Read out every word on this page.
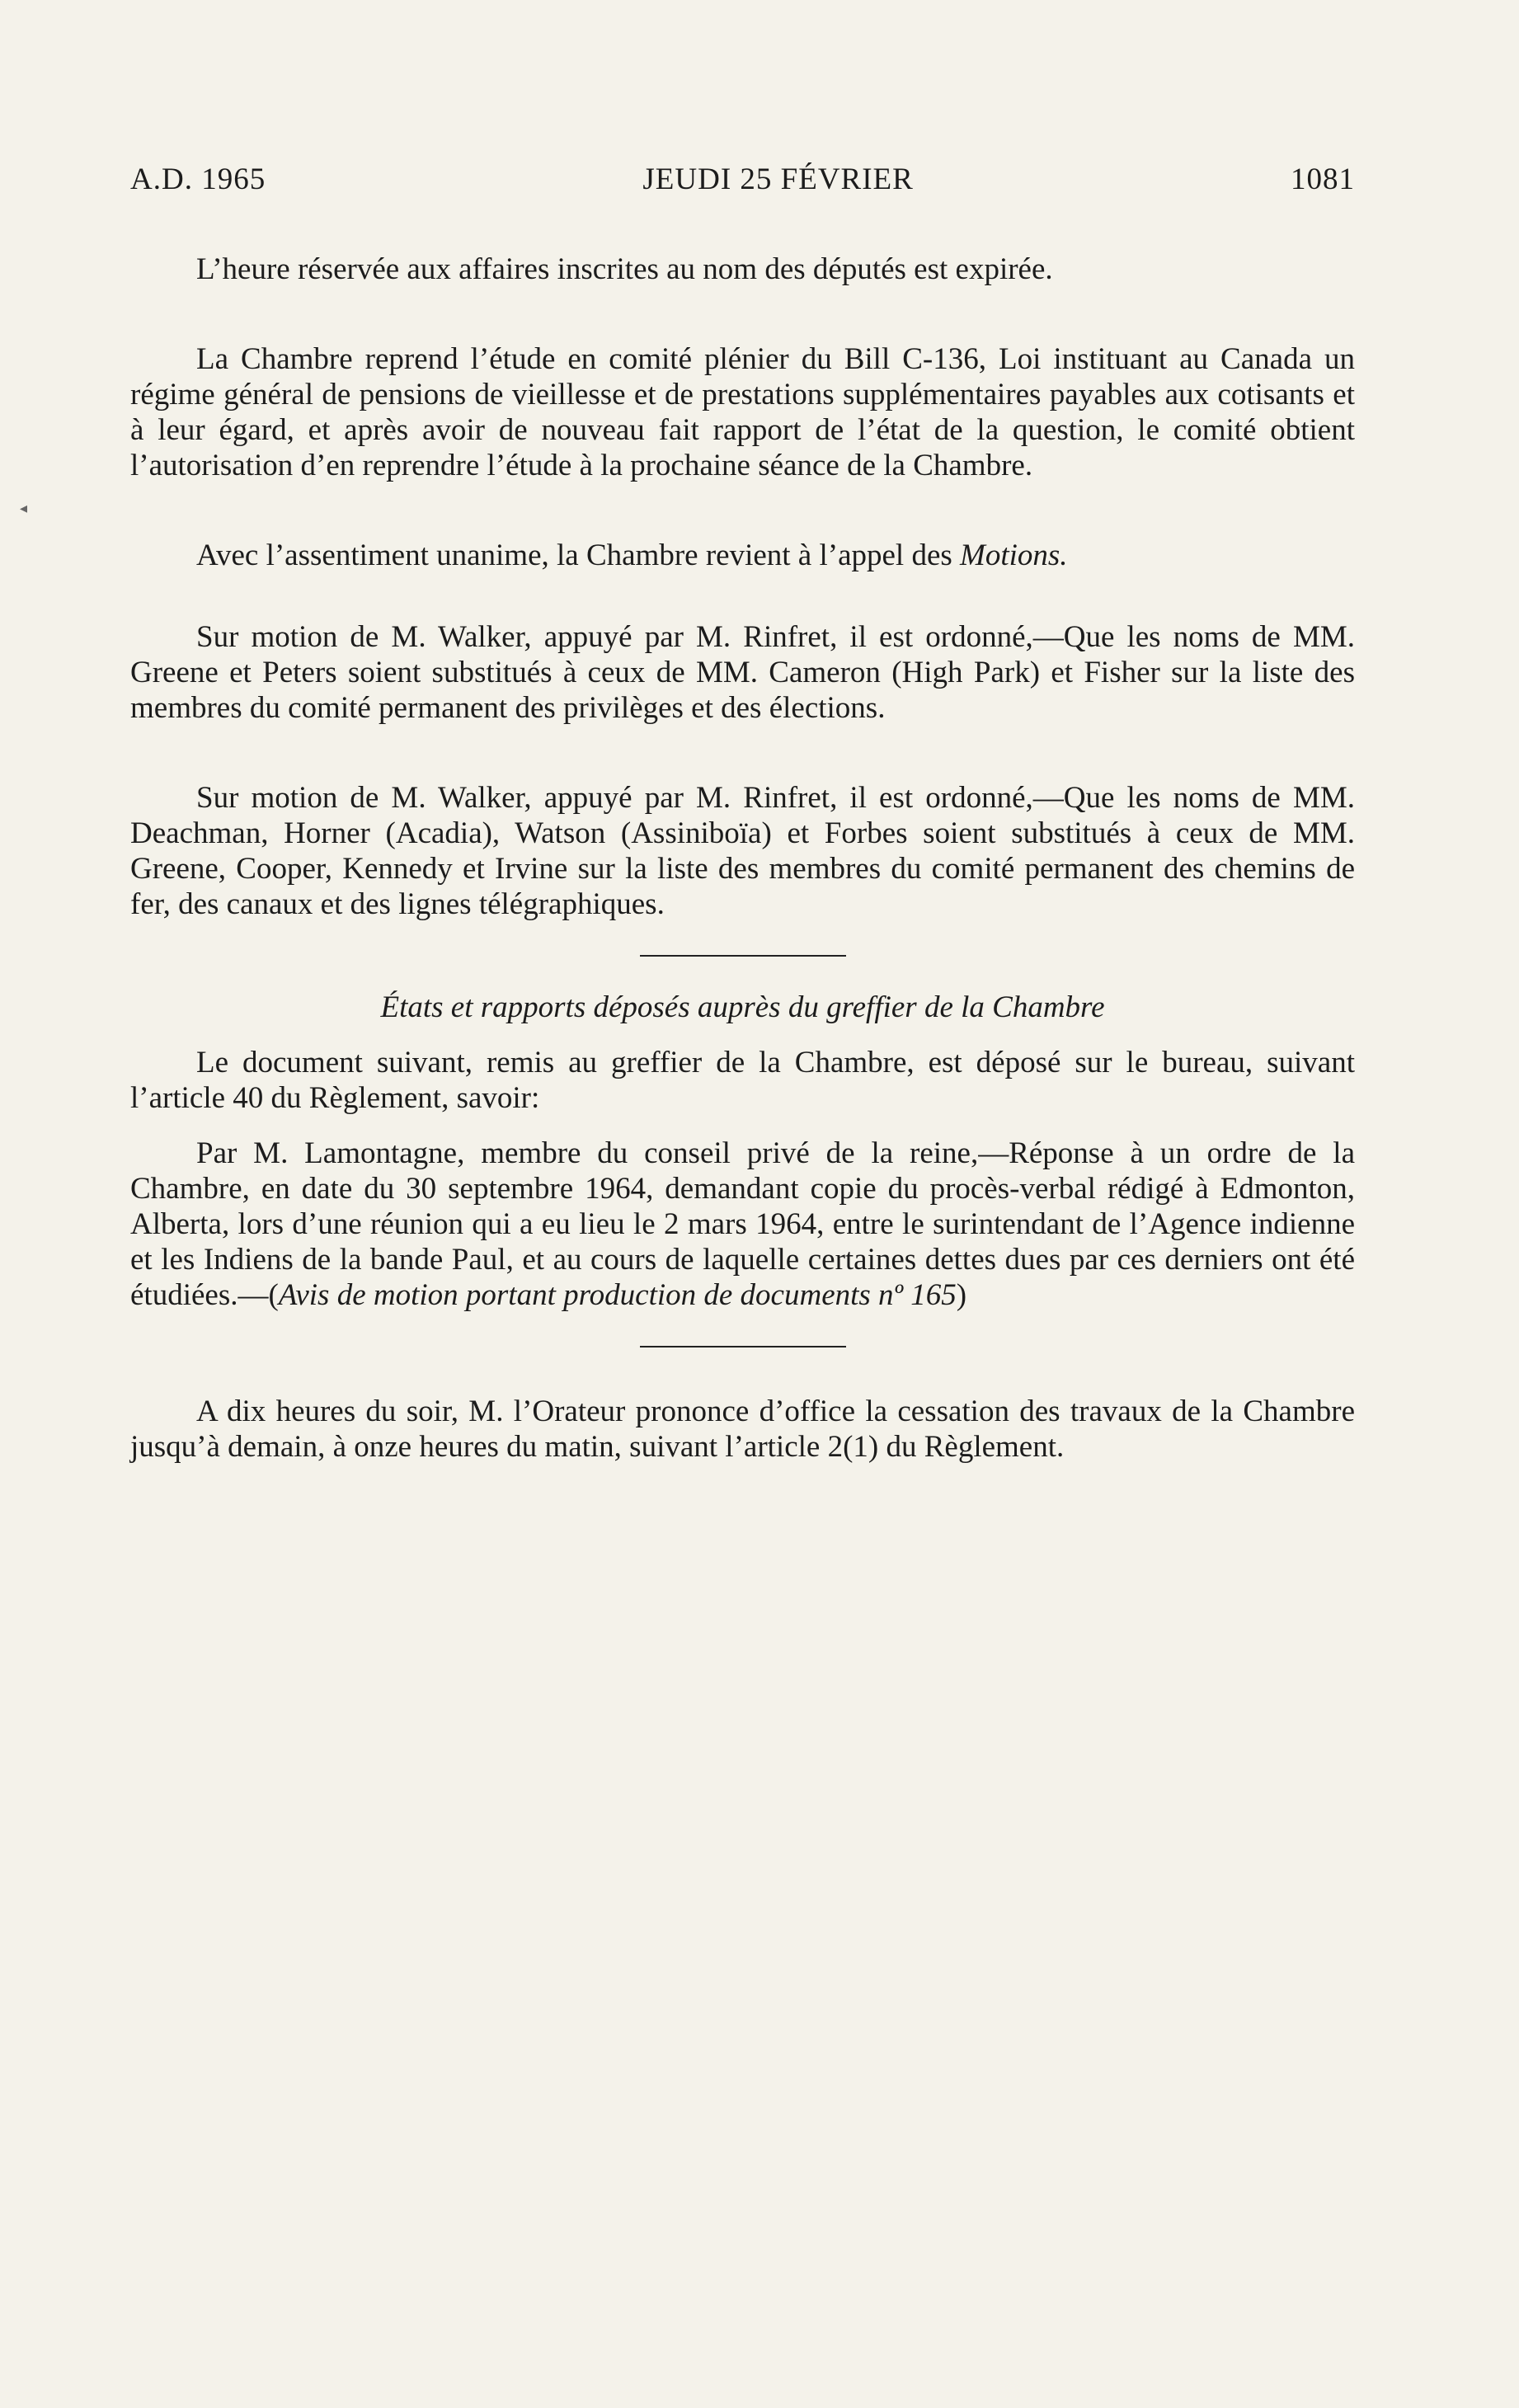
◂
A.D. 1965	JEUDI 25 FÉVRIER	1081

L’heure réservée aux affaires inscrites au nom des députés est expirée.

La Chambre reprend l’étude en comité plénier du Bill C-136, Loi instituant au Canada un régime général de pensions de vieillesse et de prestations supplémentaires payables aux cotisants et à leur égard, et après avoir de nouveau fait rapport de l’état de la question, le comité obtient l’autorisation d’en reprendre l’étude à la prochaine séance de la Chambre.

Avec l’assentiment unanime, la Chambre revient à l’appel des Motions.

Sur motion de M. Walker, appuyé par M. Rinfret, il est ordonné,—Que les noms de MM. Greene et Peters soient substitués à ceux de MM. Cameron (High Park) et Fisher sur la liste des membres du comité permanent des privilèges et des élections.

Sur motion de M. Walker, appuyé par M. Rinfret, il est ordonné,—Que les noms de MM. Deachman, Horner (Acadia), Watson (Assiniboïa) et Forbes soient substitués à ceux de MM. Greene, Cooper, Kennedy et Irvine sur la liste des membres du comité permanent des chemins de fer, des canaux et des lignes télégraphiques.

États et rapports déposés auprès du greffier de la Chambre

Le document suivant, remis au greffier de la Chambre, est déposé sur le bureau, suivant l’article 40 du Règlement, savoir:

Par M. Lamontagne, membre du conseil privé de la reine,—Réponse à un ordre de la Chambre, en date du 30 septembre 1964, demandant copie du procès-verbal rédigé à Edmonton, Alberta, lors d’une réunion qui a eu lieu le 2 mars 1964, entre le surintendant de l’Agence indienne et les Indiens de la bande Paul, et au cours de laquelle certaines dettes dues par ces derniers ont été étudiées.—(Avis de motion portant production de documents nº 165)

A dix heures du soir, M. l’Orateur prononce d’office la cessation des travaux de la Chambre jusqu’à demain, à onze heures du matin, suivant l’article 2(1) du Règlement.
